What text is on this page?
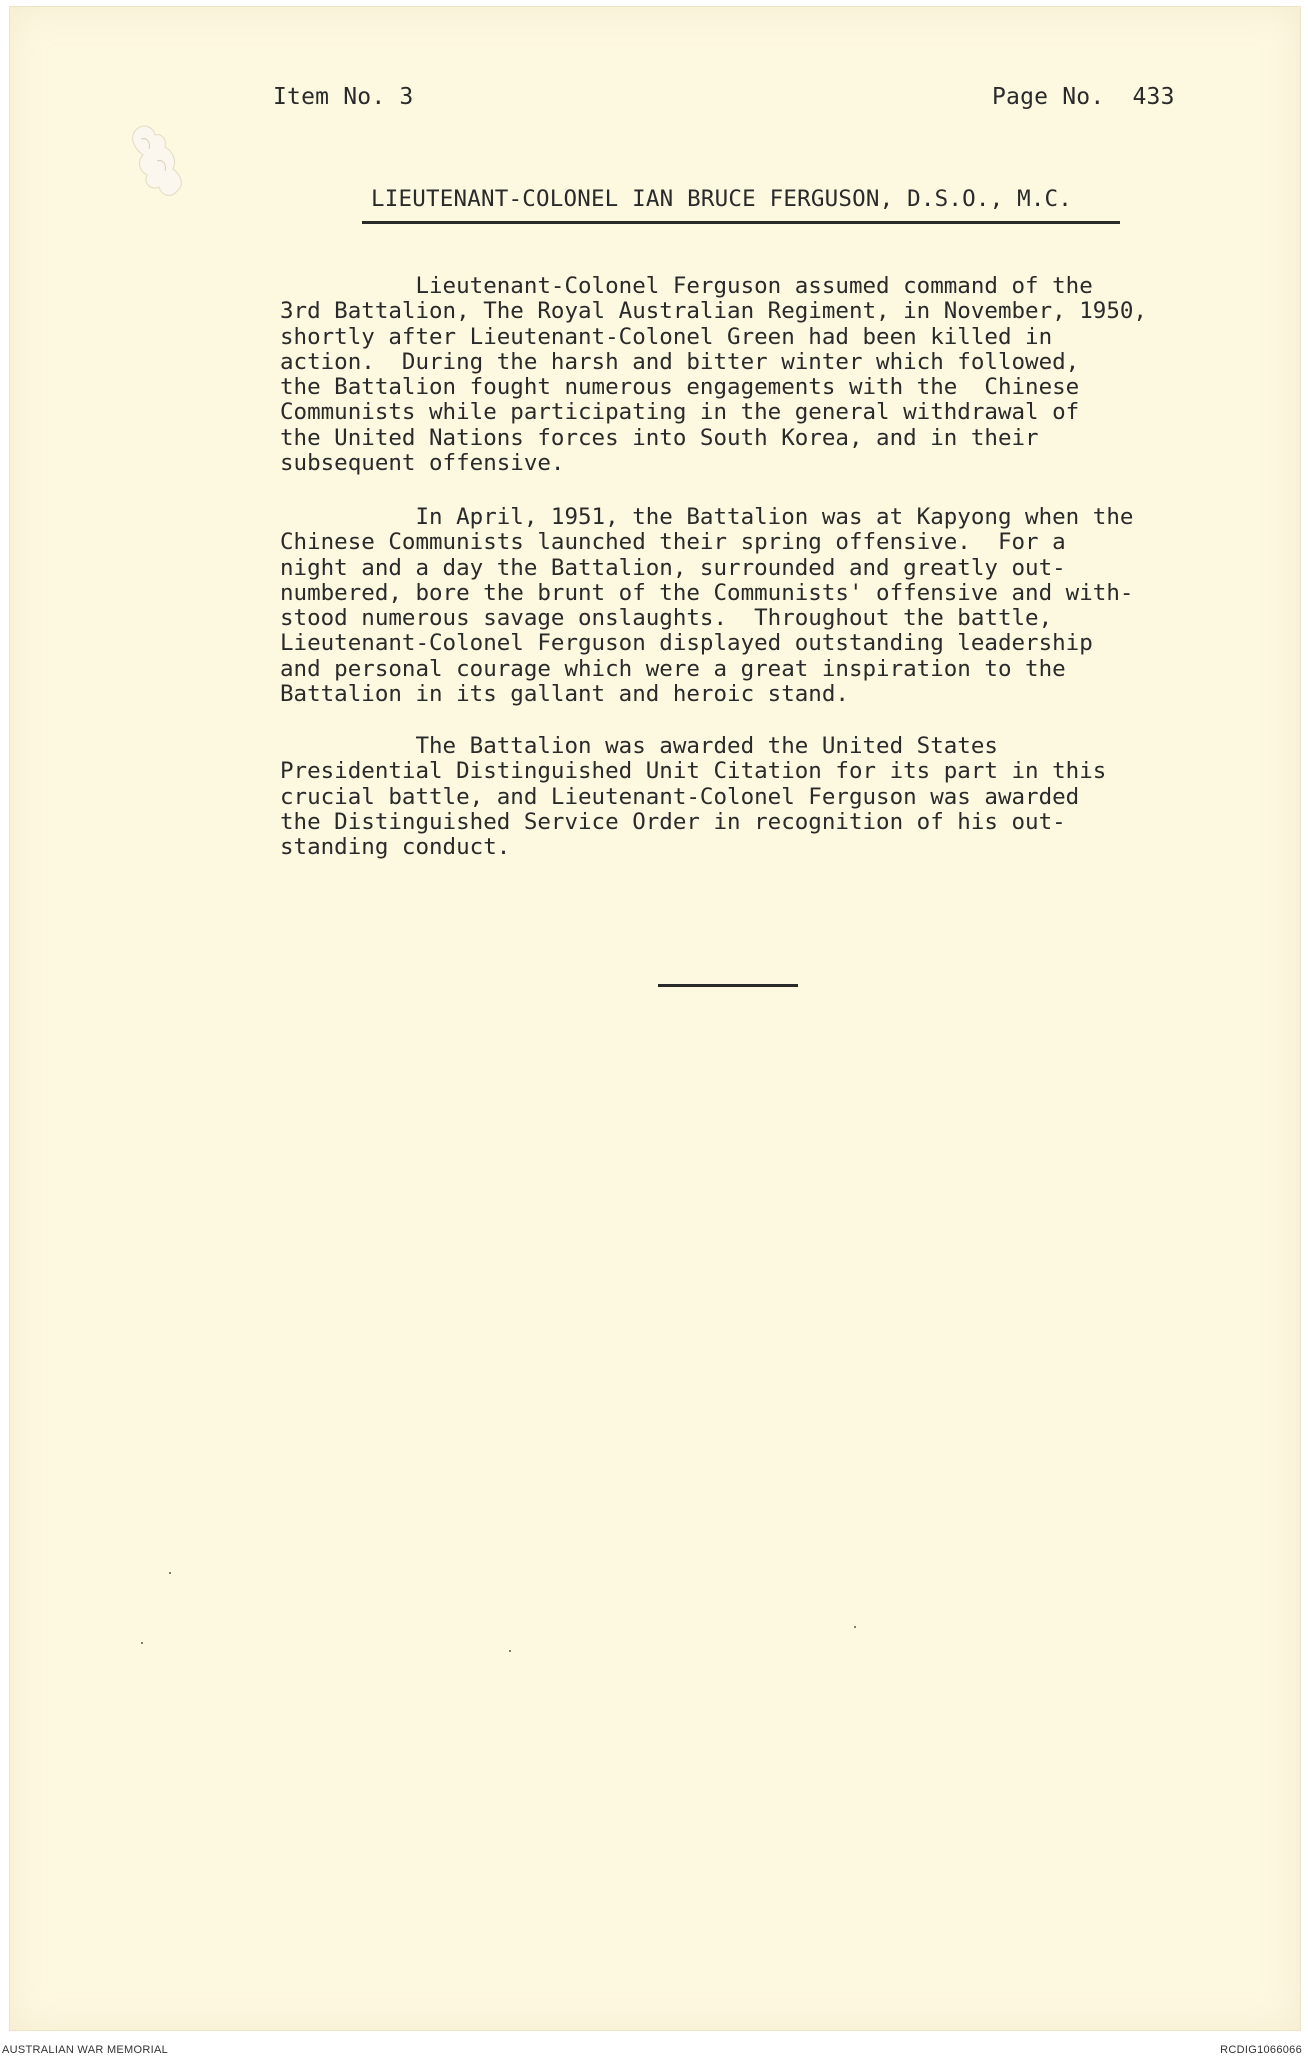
Item No. 3	Page No.  433

LIEUTENANT-COLONEL IAN BRUCE FERGUSON, D.S.O., M.C.

Lieutenant-Colonel Ferguson assumed command of the
3rd Battalion, The Royal Australian Regiment, in November, 1950,
shortly after Lieutenant-Colonel Green had been killed in
action.  During the harsh and bitter winter which followed,
the Battalion fought numerous engagements with the  Chinese
Communists while participating in the general withdrawal of
the United Nations forces into South Korea, and in their
subsequent offensive.

In April, 1951, the Battalion was at Kapyong when the
Chinese Communists launched their spring offensive.  For a
night and a day the Battalion, surrounded and greatly out-
numbered, bore the brunt of the Communists' offensive and with-
stood numerous savage onslaughts.  Throughout the battle,
Lieutenant-Colonel Ferguson displayed outstanding leadership
and personal courage which were a great inspiration to the
Battalion in its gallant and heroic stand.

The Battalion was awarded the United States
Presidential Distinguished Unit Citation for its part in this
crucial battle, and Lieutenant-Colonel Ferguson was awarded
the Distinguished Service Order in recognition of his out-
standing conduct.

AUSTRALIAN WAR MEMORIAL	RCDIG1066066
